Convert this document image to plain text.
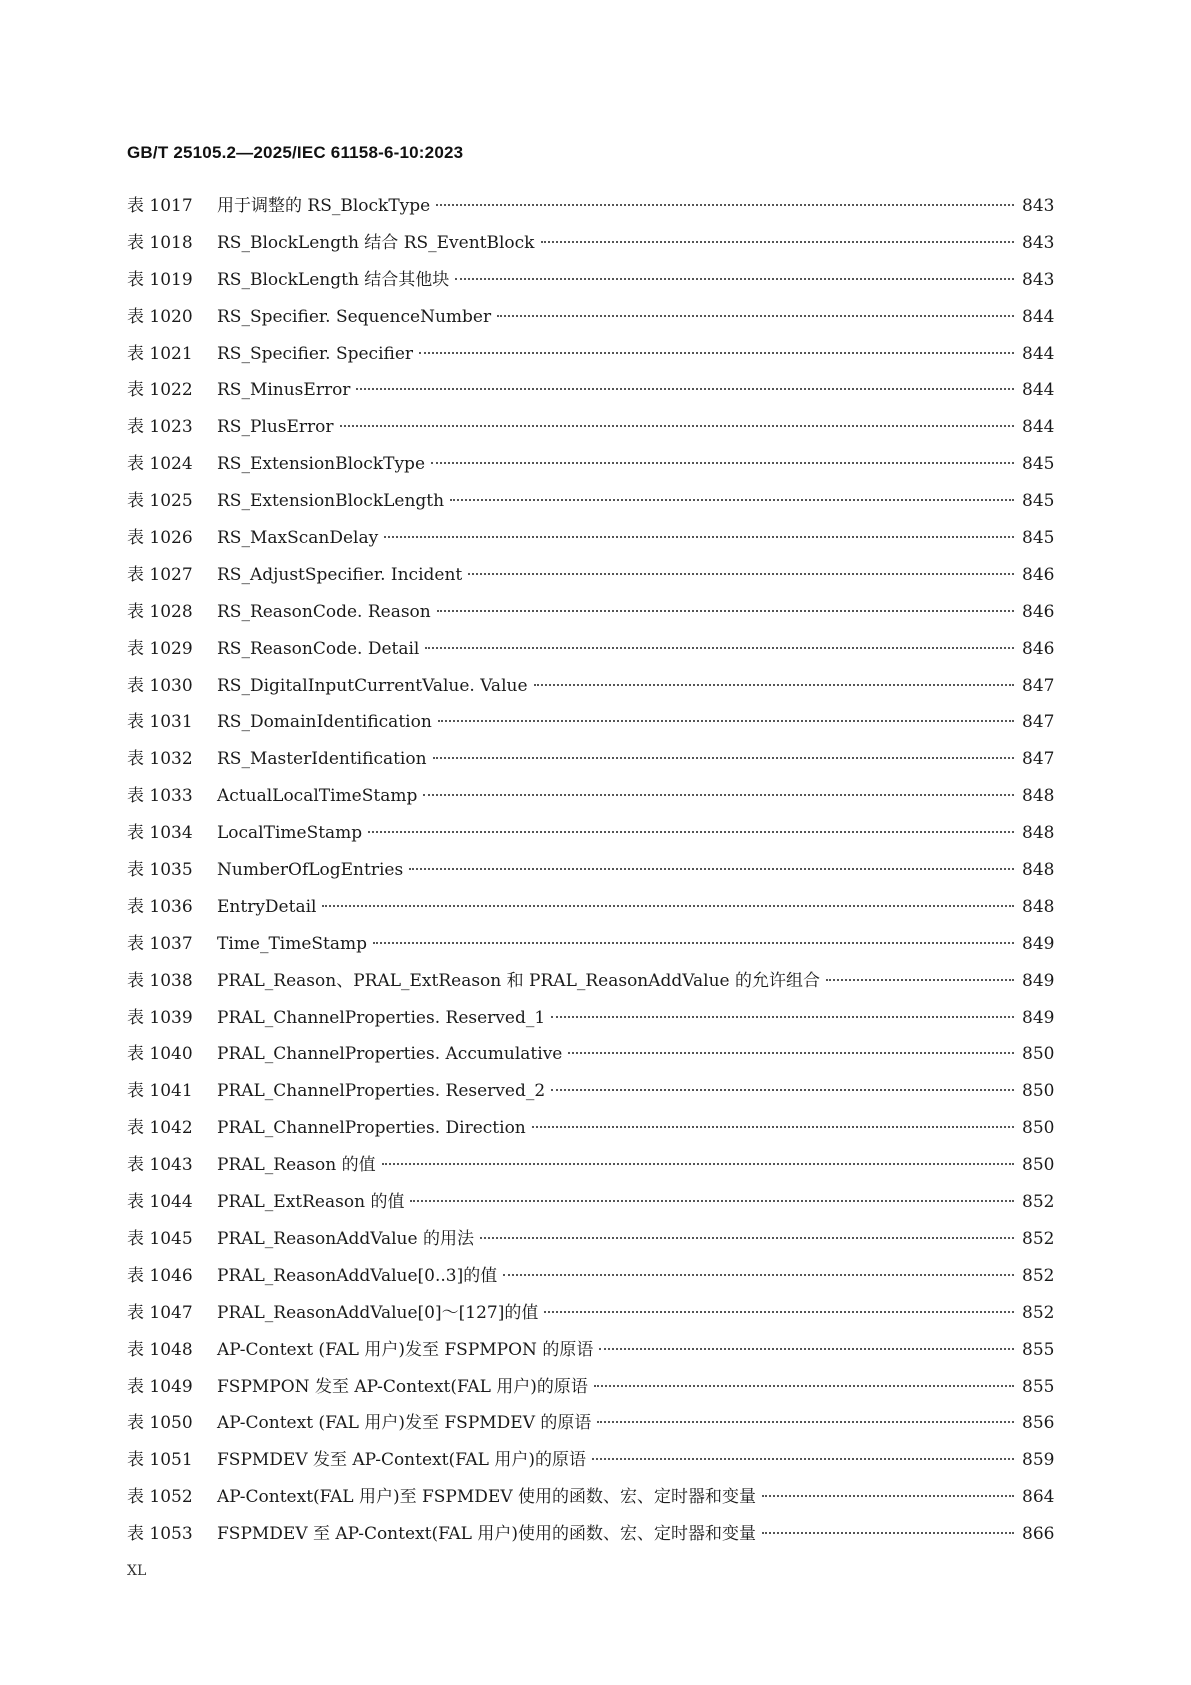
GB/T 25105.2—2025/IEC 61158-6-10:2023
表 1017	用于调整的 RS_BlockType	843
表 1018	RS_BlockLength 结合 RS_EventBlock	843
表 1019	RS_BlockLength 结合其他块	843
表 1020	RS_Specifier. SequenceNumber	844
表 1021	RS_Specifier. Specifier	844
表 1022	RS_MinusError	844
表 1023	RS_PlusError	844
表 1024	RS_ExtensionBlockType	845
表 1025	RS_ExtensionBlockLength	845
表 1026	RS_MaxScanDelay	845
表 1027	RS_AdjustSpecifier. Incident	846
表 1028	RS_ReasonCode. Reason	846
表 1029	RS_ReasonCode. Detail	846
表 1030	RS_DigitalInputCurrentValue. Value	847
表 1031	RS_DomainIdentification	847
表 1032	RS_MasterIdentification	847
表 1033	ActualLocalTimeStamp	848
表 1034	LocalTimeStamp	848
表 1035	NumberOfLogEntries	848
表 1036	EntryDetail	848
表 1037	Time_TimeStamp	849
表 1038	PRAL_Reason、PRAL_ExtReason 和 PRAL_ReasonAddValue 的允许组合	849
表 1039	PRAL_ChannelProperties. Reserved_1	849
表 1040	PRAL_ChannelProperties. Accumulative	850
表 1041	PRAL_ChannelProperties. Reserved_2	850
表 1042	PRAL_ChannelProperties. Direction	850
表 1043	PRAL_Reason 的值	850
表 1044	PRAL_ExtReason 的值	852
表 1045	PRAL_ReasonAddValue 的用法	852
表 1046	PRAL_ReasonAddValue[0..3]的值	852
表 1047	PRAL_ReasonAddValue[0]～[127]的值	852
表 1048	AP-Context (FAL 用户)发至 FSPMPON 的原语	855
表 1049	FSPMPON 发至 AP-Context(FAL 用户)的原语	855
表 1050	AP-Context (FAL 用户)发至 FSPMDEV 的原语	856
表 1051	FSPMDEV 发至 AP-Context(FAL 用户)的原语	859
表 1052	AP-Context(FAL 用户)至 FSPMDEV 使用的函数、宏、定时器和变量	864
表 1053	FSPMDEV 至 AP-Context(FAL 用户)使用的函数、宏、定时器和变量	866
XL
